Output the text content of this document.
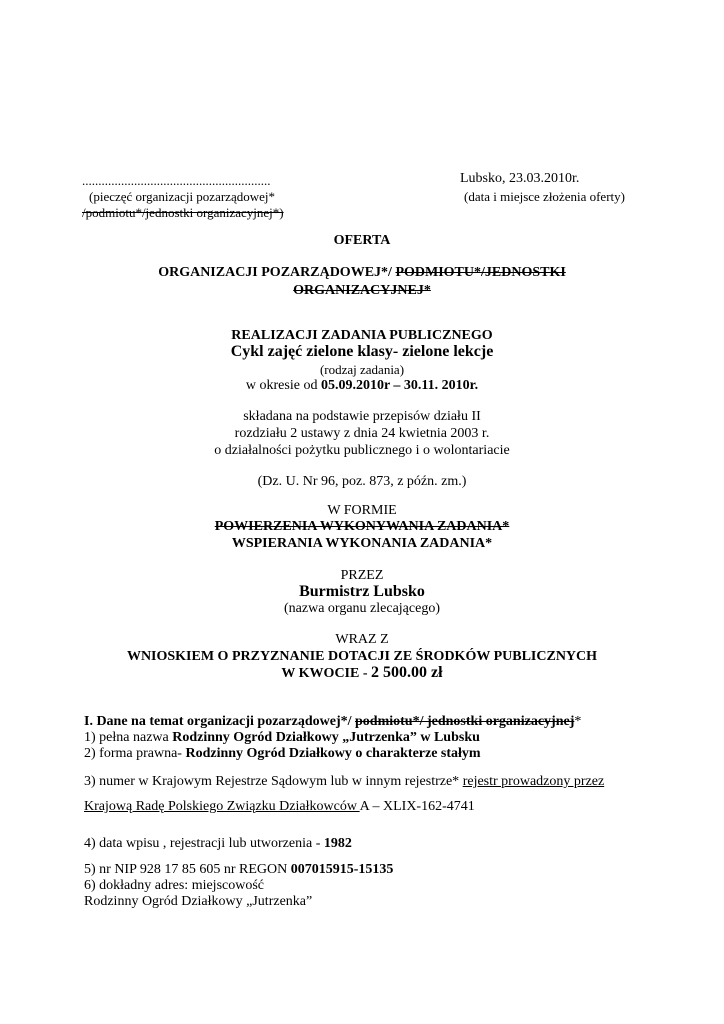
..........................................................	Lubsko, 23.03.2010r.
(pieczęć organizacji pozarządowej*	(data i miejsce złożenia oferty)
/podmiotu*/jednostki organizacyjnej*)
OFERTA
ORGANIZACJI POZARZĄDOWEJ*/ PODMIOTU*/JEDNOSTKI
ORGANIZACYJNEJ*
REALIZACJI ZADANIA PUBLICZNEGO
Cykl zajęć zielone klasy- zielone lekcje
(rodzaj zadania)
w okresie od 05.09.2010r – 30.11. 2010r.
składana na podstawie przepisów działu II
rozdziału 2 ustawy z dnia 24 kwietnia 2003 r.
o działalności pożytku publicznego i o wolontariacie
(Dz. U. Nr 96, poz. 873, z późn. zm.)
W FORMIE
POWIERZENIA WYKONYWANIA ZADANIA*
WSPIERANIA WYKONANIA ZADANIA*
PRZEZ
Burmistrz Lubsko
(nazwa organu zlecającego)
WRAZ Z
WNIOSKIEM O PRZYZNANIE DOTACJI ZE ŚRODKÓW PUBLICZNYCH
W KWOCIE - 2 500.00 zł
I. Dane na temat organizacji pozarządowej*/ podmiotu*/ jednostki organizacyjnej*
1) pełna nazwa Rodzinny Ogród Działkowy „Jutrzenka” w Lubsku
2) forma prawna- Rodzinny Ogród Działkowy o charakterze stałym
3) numer w Krajowym Rejestrze Sądowym lub w innym rejestrze* rejestr prowadzony przez
Krajową Radę Polskiego Związku Działkowców A – XLIX-162-4741
4) data wpisu , rejestracji lub utworzenia - 1982
5) nr NIP 928 17 85 605 nr REGON 007015915-15135
6) dokładny adres: miejscowość
Rodzinny Ogród Działkowy „Jutrzenka”
